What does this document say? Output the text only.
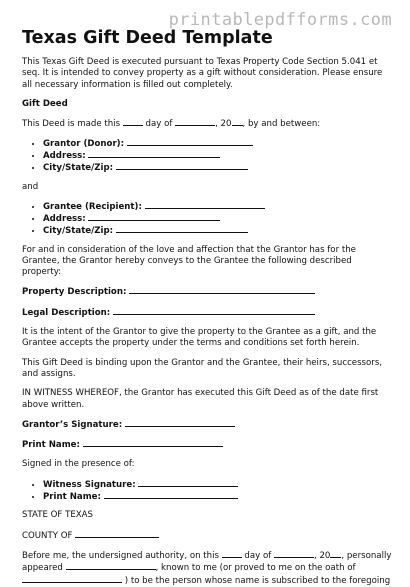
printablepdfforms.com
Texas Gift Deed Template

This Texas Gift Deed is executed pursuant to Texas Property Code Section 5.041 et seq. It is intended to convey property as a gift without consideration. Please ensure all necessary information is filled out completely.

Gift Deed

This Deed is made this	day of	, 20 , by and between:

• Grantor (Donor):
• Address:
• City/State/Zip:

and

• Grantee (Recipient):
• Address:
• City/State/Zip:

For and in consideration of the love and affection that the Grantor has for the Grantee, the Grantor hereby conveys to the Grantee the following described property:

Property Description:

Legal Description:

It is the intent of the Grantor to give the property to the Grantee as a gift, and the Grantee accepts the property under the terms and conditions set forth herein.

This Gift Deed is binding upon the Grantor and the Grantee, their heirs, successors, and assigns.

IN WITNESS WHEREOF, the Grantor has executed this Gift Deed as of the date first above written.

Grantor’s Signature:

Print Name:

Signed in the presence of:

• Witness Signature:
• Print Name:

STATE OF TEXAS

COUNTY OF

Before me, the undersigned authority, on this	day of	, 20 , personally appeared	, known to me (or proved to me on the oath of  ) to be the person whose name is subscribed to the foregoing
